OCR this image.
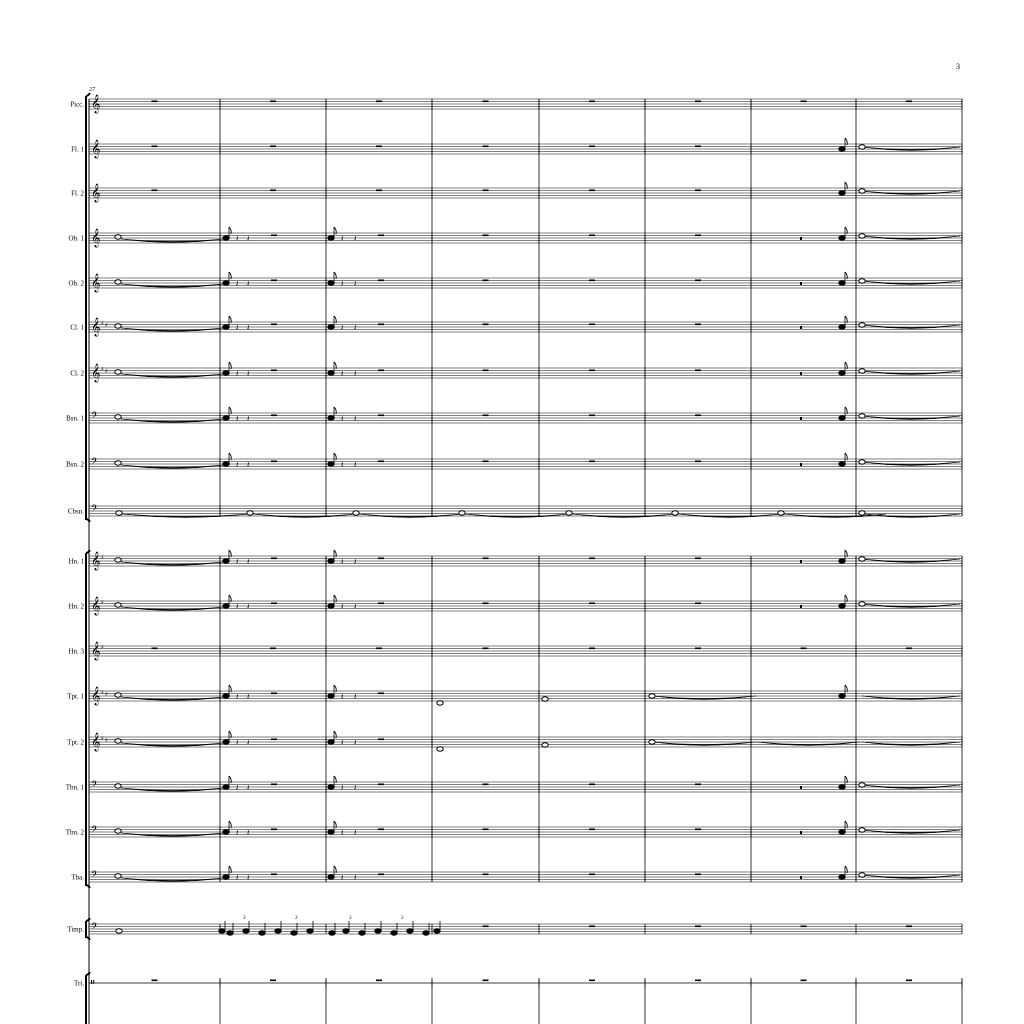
3
27
Picc. 𝄞
Fl. 1 𝄞
Fl. 2 𝄞
Ob. 1 𝄞
Ob. 2 𝄞
Cl. 1 𝄞 ♯ ♯
Cl. 2 𝄞 ♯ ♯
Bsn. 1 𝄢
Bsn. 2 𝄢
Cbsn. 𝄢
Hn. 1 𝄞 ♯
Hn. 2 𝄞 ♯
Hn. 3 𝄞 ♯
Tpt. 1 𝄞 ♯ ♯
Tpt. 2 𝄞 ♯ ♯
Tbn. 1 𝄢
Tbn. 2 𝄢
Tba. 𝄢
Timp. 𝄢
Tri. 𝄥
𝄽 𝄽	𝄽 𝄽
𝄽 𝄽	𝄽 𝄽
𝄽 𝄽	𝄽 𝄽
𝄽 𝄽	𝄽 𝄽
𝄽 𝄽	𝄽 𝄽
𝄽 𝄽	𝄽 𝄽
𝄽 𝄽	𝄽 𝄽
𝄽 𝄽	𝄽 𝄽
𝄽 𝄽	𝄽 𝄽
𝄽 𝄽	𝄽 𝄽
𝄽 𝄽	𝄽 𝄽
𝄽 𝄽	𝄽 𝄽
𝄽 𝄽	𝄽 𝄽
3	3	3	3
